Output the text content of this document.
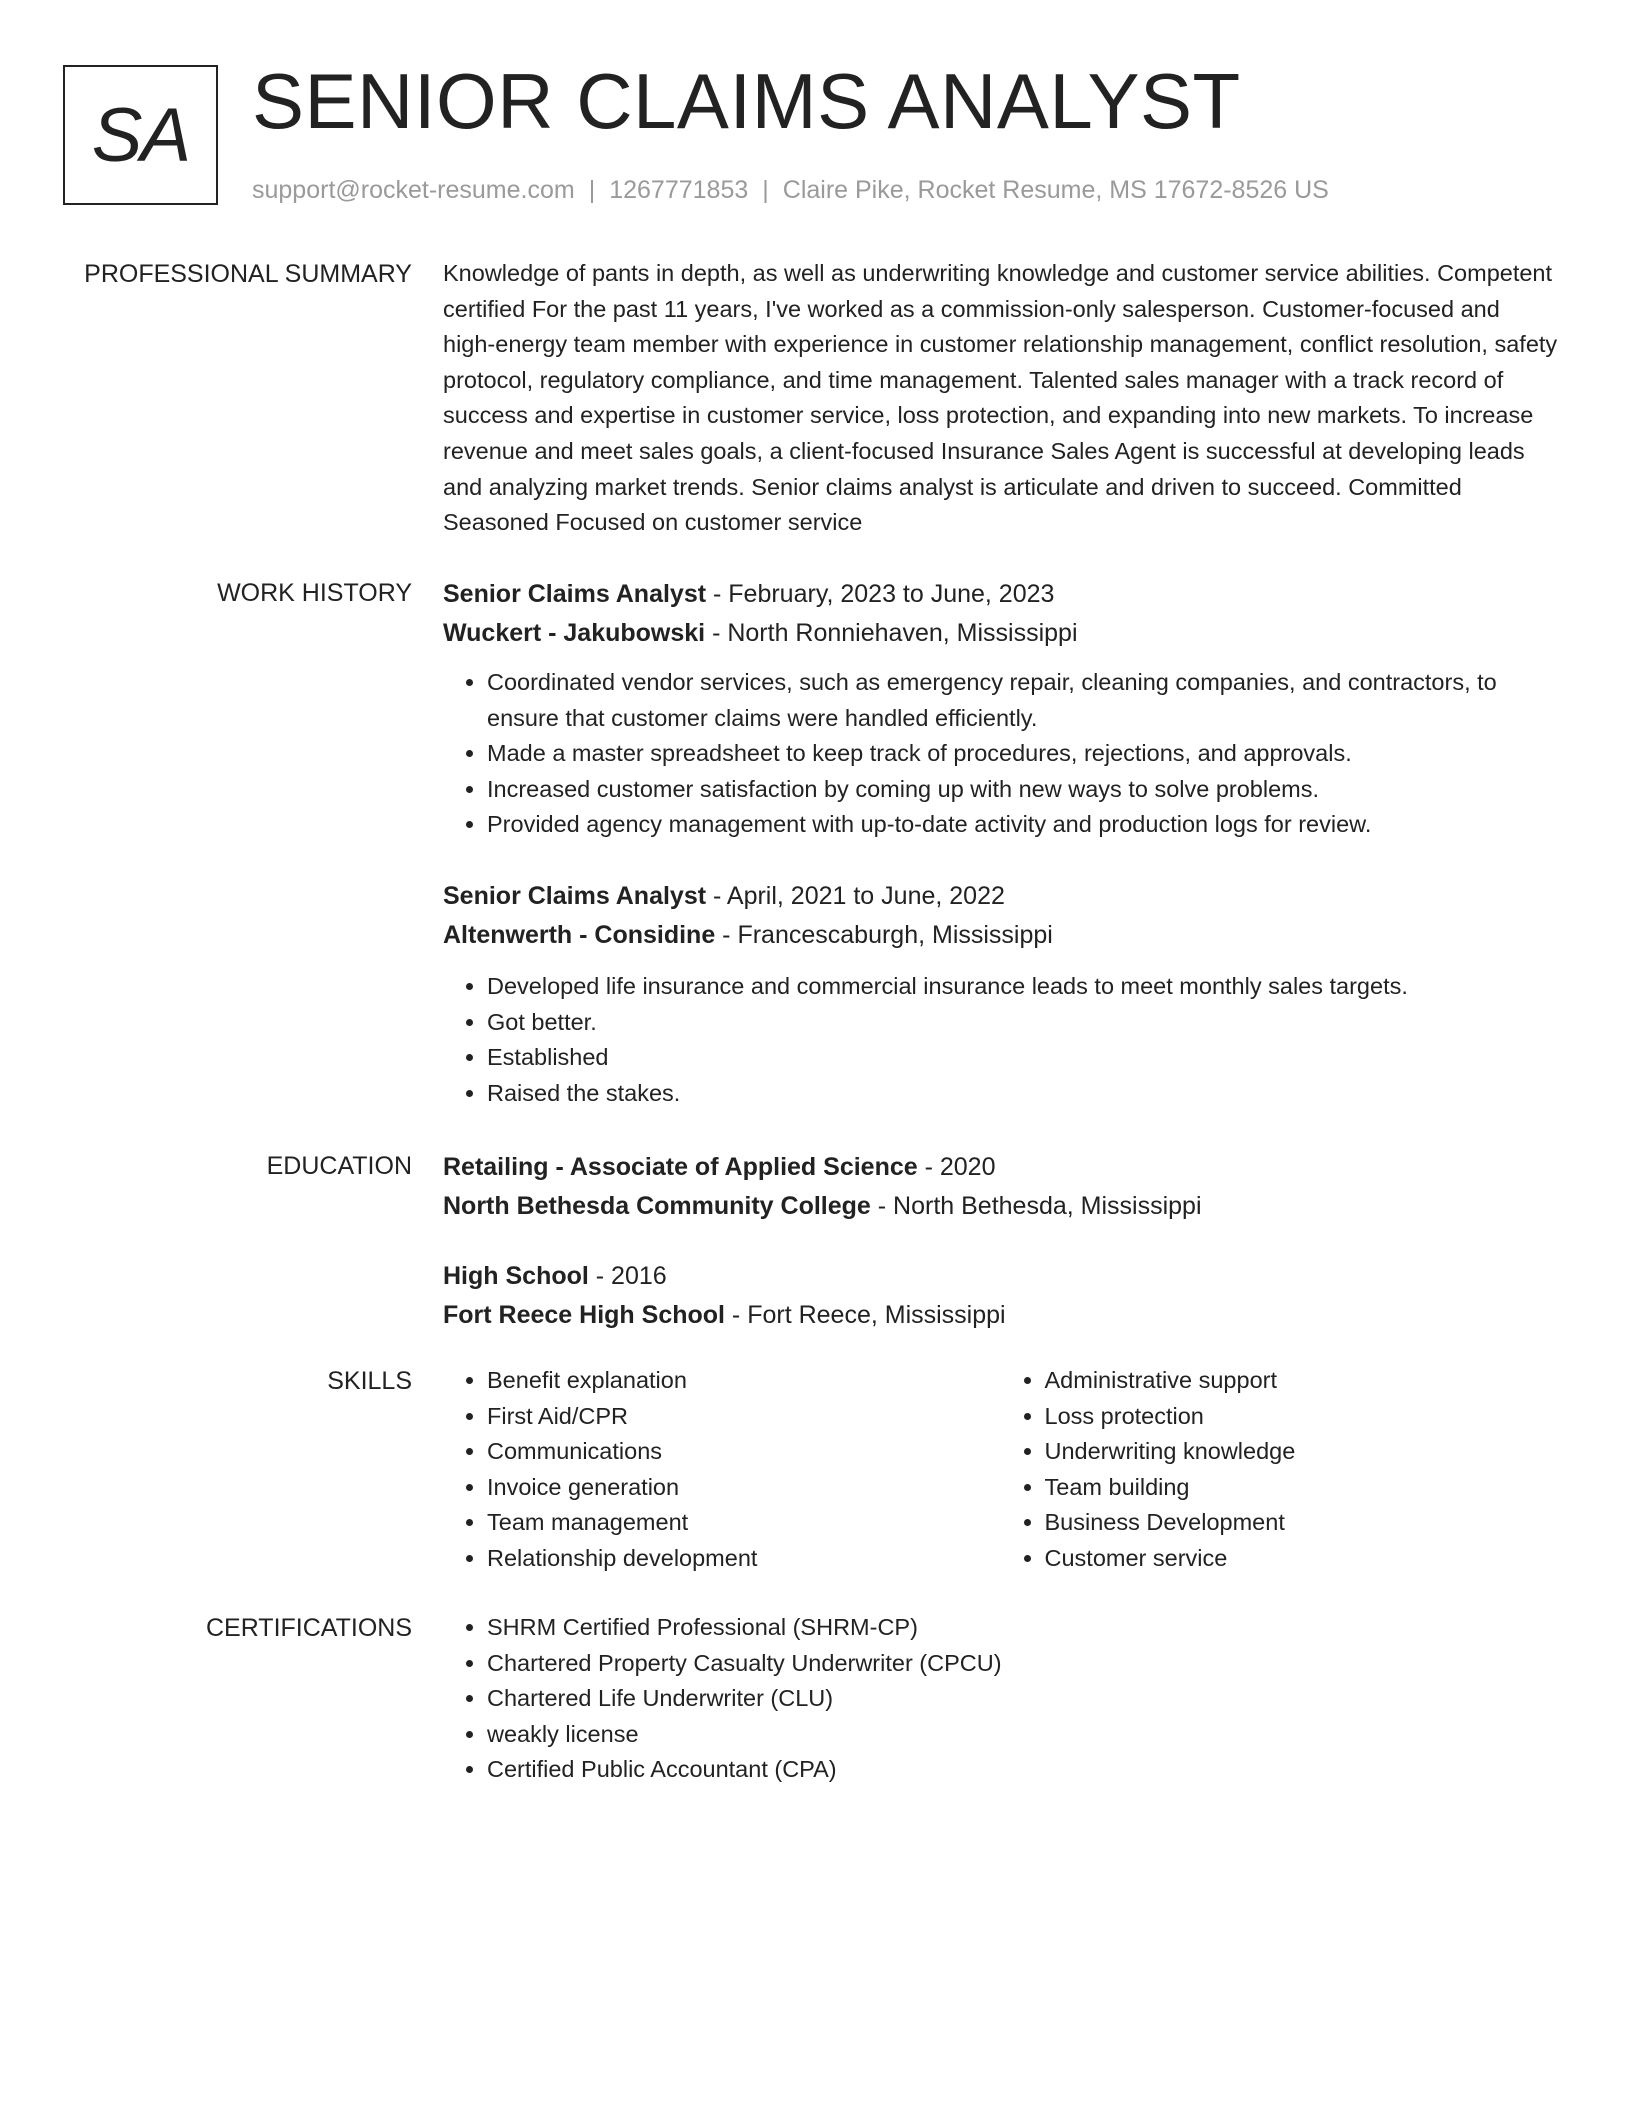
SA SENIOR CLAIMS ANALYST
support@rocket-resume.com | 1267771853 | Claire Pike, Rocket Resume, MS 17672-8526 US
PROFESSIONAL SUMMARY Knowledge of pants in depth, as well as underwriting knowledge and customer service abilities. Competent certified For the past 11 years, I've worked as a commission-only salesperson. Customer-focused and high-energy team member with experience in customer relationship management, conflict resolution, safety protocol, regulatory compliance, and time management. Talented sales manager with a track record of success and expertise in customer service, loss protection, and expanding into new markets. To increase revenue and meet sales goals, a client-focused Insurance Sales Agent is successful at developing leads and analyzing market trends. Senior claims analyst is articulate and driven to succeed. Committed Seasoned Focused on customer service
WORK HISTORY Senior Claims Analyst - February, 2023 to June, 2023
Wuckert - Jakubowski - North Ronniehaven, Mississippi
• Coordinated vendor services, such as emergency repair, cleaning companies, and contractors, to ensure that customer claims were handled efficiently.
• Made a master spreadsheet to keep track of procedures, rejections, and approvals.
• Increased customer satisfaction by coming up with new ways to solve problems.
• Provided agency management with up-to-date activity and production logs for review.
Senior Claims Analyst - April, 2021 to June, 2022
Altenwerth - Considine - Francescaburgh, Mississippi
• Developed life insurance and commercial insurance leads to meet monthly sales targets.
• Got better.
• Established
• Raised the stakes.
EDUCATION Retailing - Associate of Applied Science - 2020
North Bethesda Community College - North Bethesda, Mississippi
High School - 2016
Fort Reece High School - Fort Reece, Mississippi
SKILLS	• Benefit explanation
• First Aid/CPR
• Communications
• Invoice generation
• Team management
• Relationship development
• Administrative support
• Loss protection
• Underwriting knowledge
• Team building
• Business Development
• Customer service
CERTIFICATIONS	• SHRM Certified Professional (SHRM-CP)
• Chartered Property Casualty Underwriter (CPCU)
• Chartered Life Underwriter (CLU)
• weakly license
• Certified Public Accountant (CPA)
